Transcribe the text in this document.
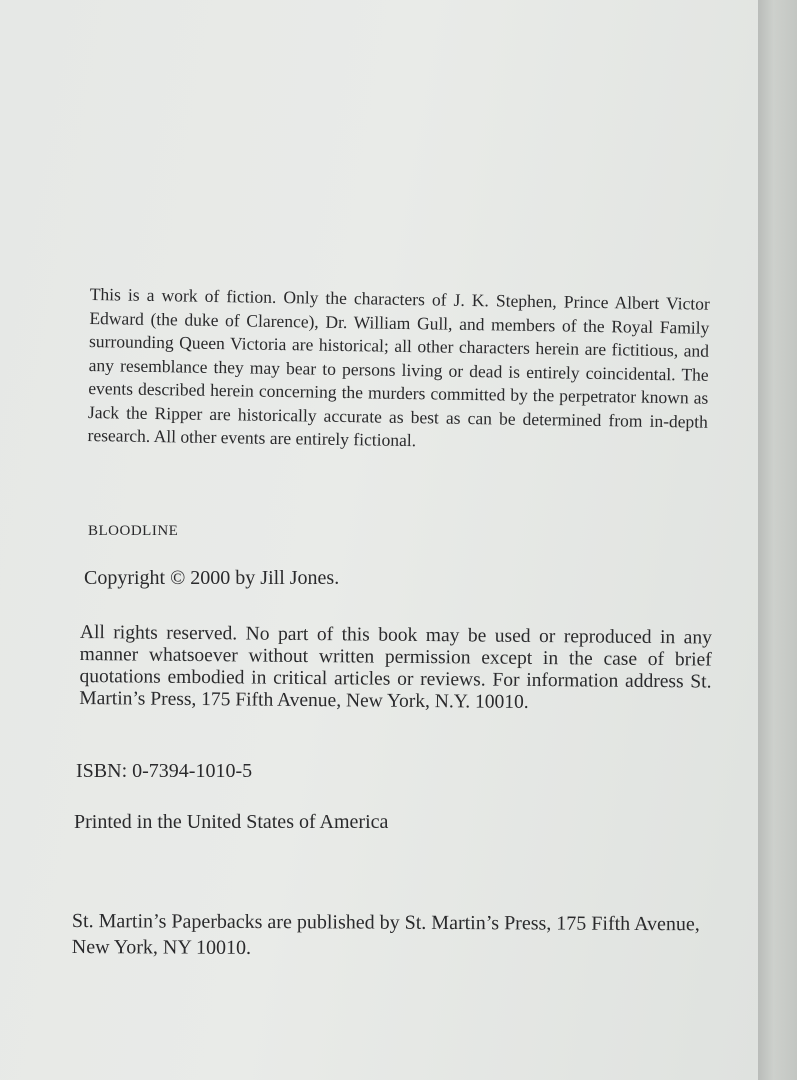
This is a work of fiction. Only the characters of J. K. Stephen, Prince Albert Victor Edward (the duke of Clarence), Dr. William Gull, and members of the Royal Family surrounding Queen Victoria are historical; all other characters herein are fictitious, and any resemblance they may bear to persons living or dead is entirely coincidental. The events described herein concerning the murders committed by the perpetrator known as Jack the Ripper are historically accurate as best as can be determined from in-depth research. All other events are entirely fictional.
BLOODLINE
Copyright © 2000 by Jill Jones.
All rights reserved. No part of this book may be used or reproduced in any manner whatsoever without written permission except in the case of brief quotations embodied in critical articles or reviews. For information address St. Martin’s Press, 175 Fifth Avenue, New York, N.Y. 10010.
ISBN: 0-7394-1010-5
Printed in the United States of America
St. Martin’s Paperbacks are published by St. Martin’s Press, 175 Fifth Avenue, New York, NY 10010.
